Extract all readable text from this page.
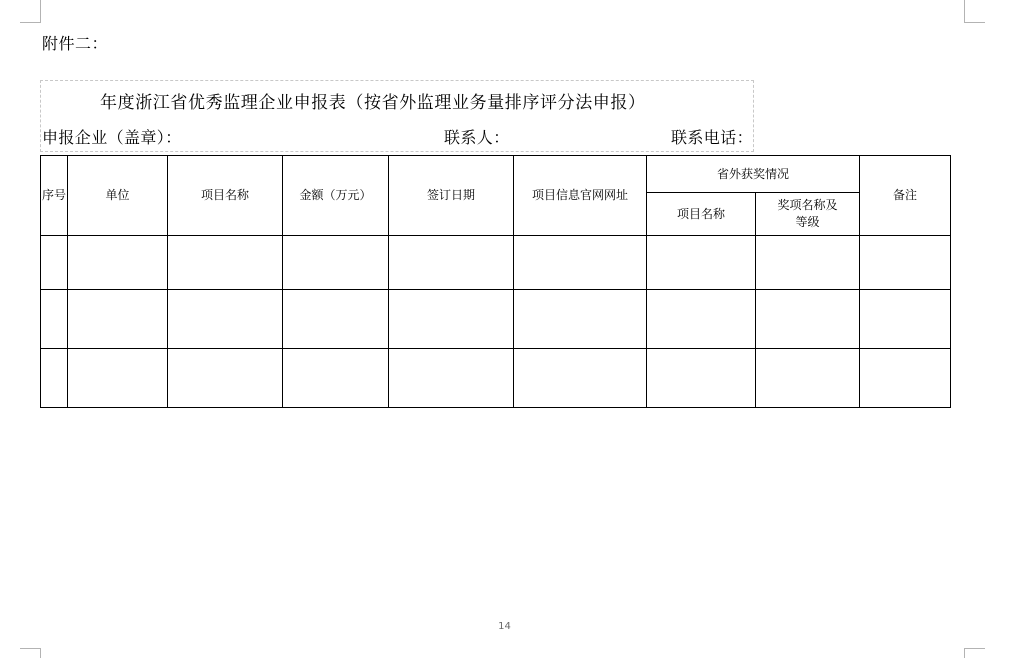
附件二：
年度浙江省优秀监理企业申报表（按省外监理业务量排序评分法申报）
申报企业（盖章）：	联系人：	联系电话：
序号	单位	项目名称	金额（万元）	签订日期	项目信息官网网址	省外获奖情况		备注
						项目名称	奖项名称及
等级	

14
